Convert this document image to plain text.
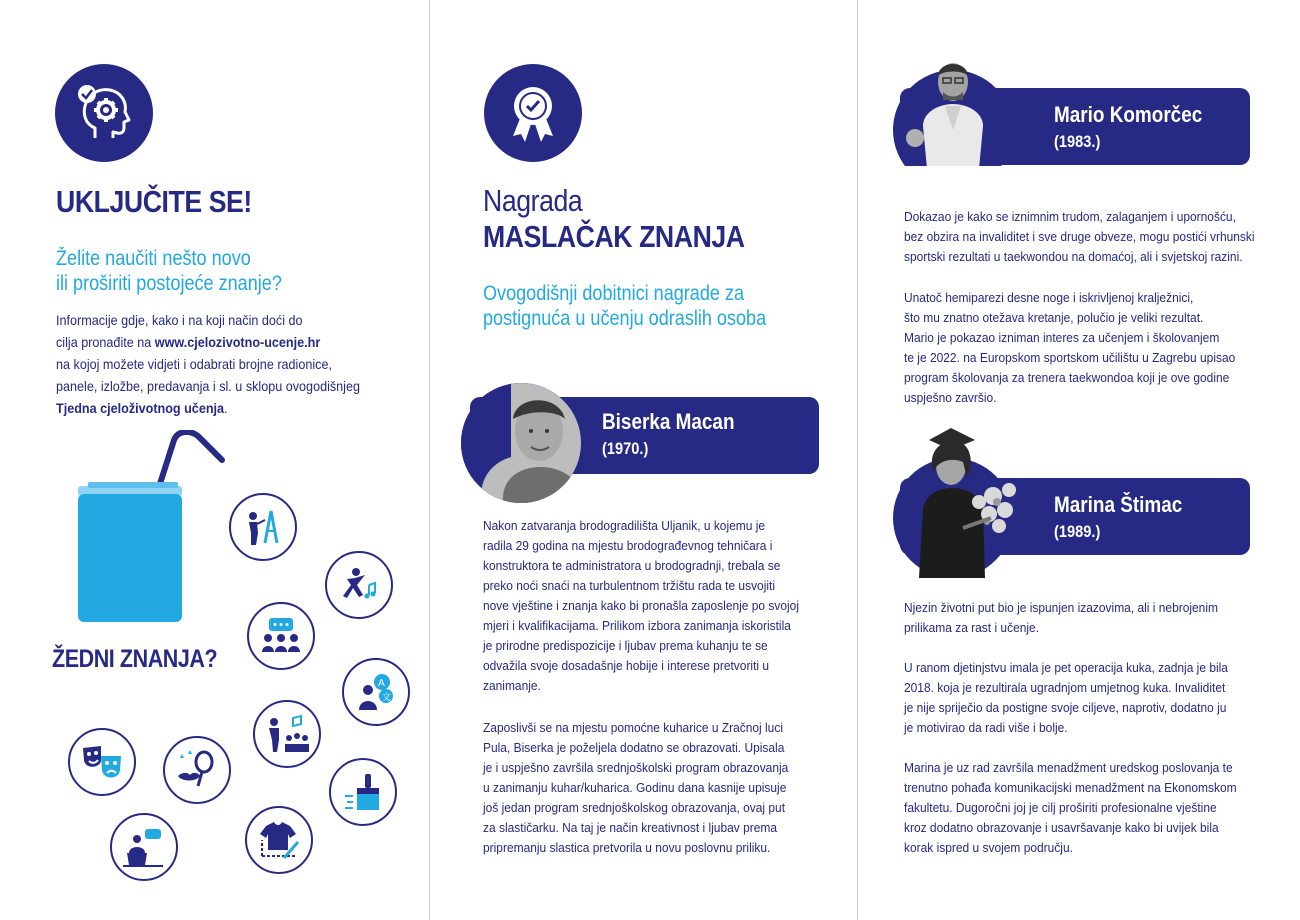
UKLJUČITE SE!
Želite naučiti nešto novo
ili proširiti postojeće znanje?
Informacije gdje, kako i na koji način doći do
cilja pronađite na www.cjelozivotno-ucenje.hr
na kojoj možete vidjeti i odabrati brojne radionice,
panele, izložbe, predavanja i sl. u sklopu ovogodišnjeg
Tjedna cjeloživotnog učenja.
ŽEDNI ZNANJA?
A
文
Nagrada
MASLAČAK ZNANJA
Ovogodišnji dobitnici nagrade za
postignuća u učenju odraslih osoba
Biserka Macan
(1970.)
Nakon zatvaranja brodogradilišta Uljanik, u kojemu je
radila 29 godina na mjestu brodograđevnog tehničara i
konstruktora te administratora u brodogradnji, trebala se
preko noći snaći na turbulentnom tržištu rada te usvojiti
nove vještine i znanja kako bi pronašla zaposlenje po svojoj
mjeri i kvalifikacijama. Prilikom izbora zanimanja iskoristila
je prirodne predispozicije i ljubav prema kuhanju te se
odvažila svoje dosadašnje hobije i interese pretvoriti u
zanimanje.
Zaposlivši se na mjestu pomoćne kuharice u Zračnoj luci
Pula, Biserka je poželjela dodatno se obrazovati. Upisala
je i uspješno završila srednjoškolski program obrazovanja
u zanimanju kuhar/kuharica. Godinu dana kasnije upisuje
još jedan program srednjoškolskog obrazovanja, ovaj put
za slastičarku. Na taj je način kreativnost i ljubav prema
pripremanju slastica pretvorila u novu poslovnu priliku.
Mario Komorčec
(1983.)
Dokazao je kako se iznimnim trudom, zalaganjem i upornošću,
bez obzira na invaliditet i sve druge obveze, mogu postići vrhunski
sportski rezultati u taekwondou na domaćoj, ali i svjetskoj razini.
Unatoč hemiparezi desne noge i iskrivljenoj kralježnici,
što mu znatno otežava kretanje, polučio je veliki rezultat.
Mario je pokazao izniman interes za učenjem i školovanjem
te je 2022. na Europskom sportskom učilištu u Zagrebu upisao
program školovanja za trenera taekwondoa koji je ove godine
uspješno završio.
Marina Štimac
(1989.)
Njezin životni put bio je ispunjen izazovima, ali i nebrojenim
prilikama za rast i učenje.
U ranom djetinjstvu imala je pet operacija kuka, zadnja je bila
2018. koja je rezultirala ugradnjom umjetnog kuka. Invaliditet
je nije spriječio da postigne svoje ciljeve, naprotiv, dodatno ju
je motivirao da radi više i bolje.
Marina je uz rad završila menadžment uredskog poslovanja te
trenutno pohađa komunikacijski menadžment na Ekonomskom
fakultetu. Dugoročni joj je cilj proširiti profesionalne vještine
kroz dodatno obrazovanje i usavršavanje kako bi uvijek bila
korak ispred u svojem području.
